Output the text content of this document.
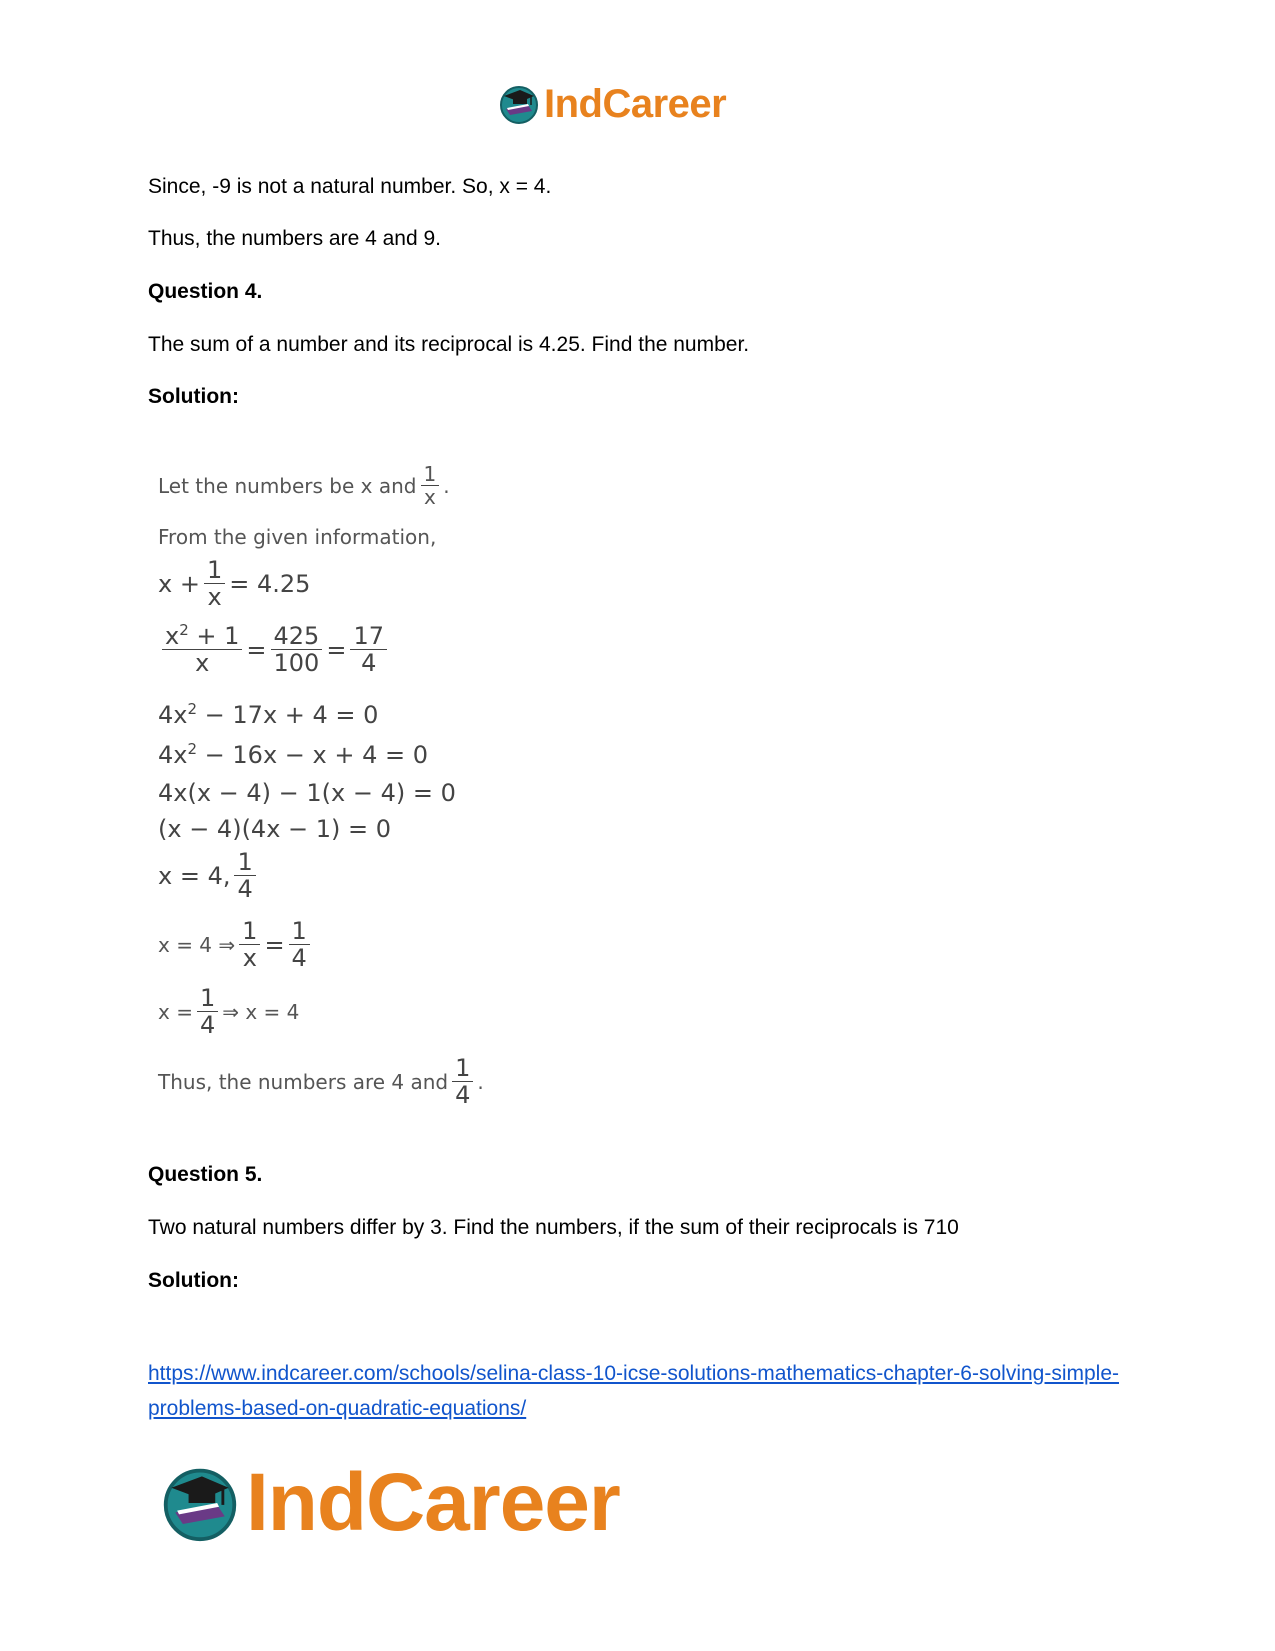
IndCareer
Since, -9 is not a natural number. So, x = 4.
Thus, the numbers are 4 and 9.
Question 4.
The sum of a number and its reciprocal is 4.25. Find the number.
Solution:
Let the numbers be x and $\frac{1}{x}$ .
From the given information,
$x + \frac{1}{x} = 4.25$
$\frac{x^2 + 1}{x} = \frac{425}{100} = \frac{17}{4}$
$4x^2 - 17x + 4 = 0$
$4x^2 - 16x - x + 4 = 0$
4x(x − 4) − 1(x − 4) = 0
(x − 4)(4x − 1) = 0
x = 4, $\frac{1}{4}$
x = 4 ⇒ $\frac{1}{x} = \frac{1}{4}$
$x = \frac{1}{4}$ ⇒ x = 4
Thus, the numbers are 4 and $\frac{1}{4}$ .
Question 5.
Two natural numbers differ by 3. Find the numbers, if the sum of their reciprocals is 710
Solution:
https://www.indcareer.com/schools/selina-class-10-icse-solutions-mathematics-chapter-6-solving-simple-problems-based-on-quadratic-equations/
IndCareer
